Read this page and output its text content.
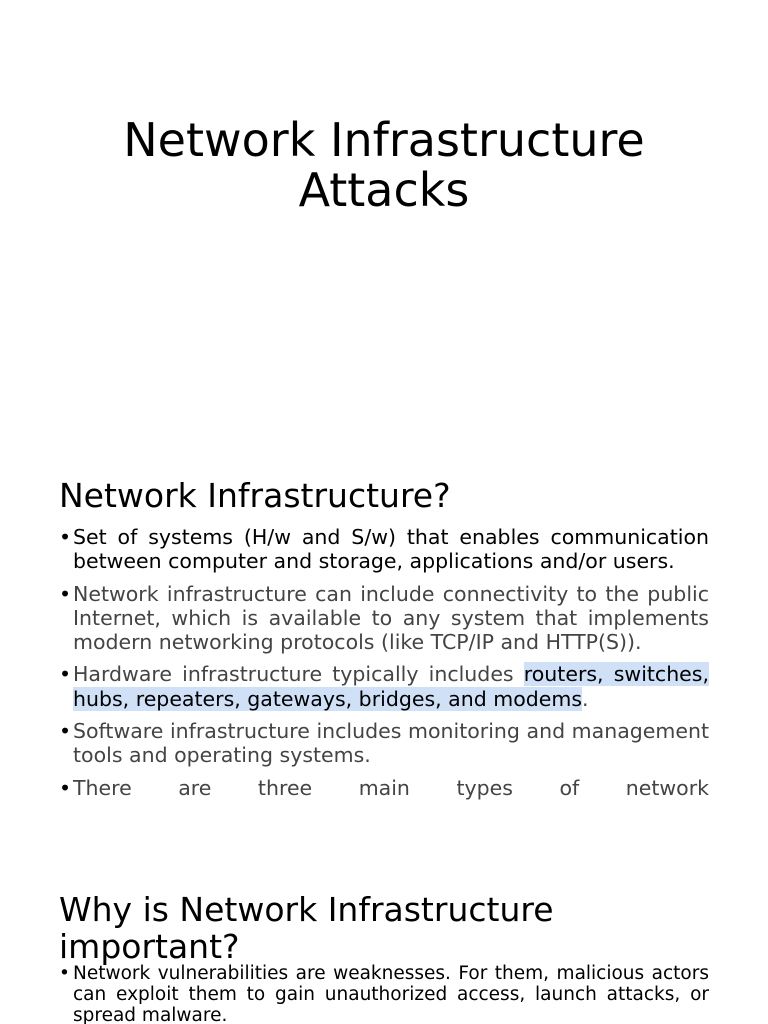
Network Infrastructure
Attacks
Network Infrastructure?
• Set of systems (H/w and S/w) that enables communication between computer and storage, applications and/or users.
• Network infrastructure can include connectivity to the public Internet, which is available to any system that implements modern networking protocols (like TCP/IP and HTTP(S)).
• Hardware infrastructure typically includes routers, switches, hubs, repeaters, gateways, bridges, and modems.
• Software infrastructure includes monitoring and management tools and operating systems.
• There are three main types of network
Why is Network Infrastructure important?
• Network vulnerabilities are weaknesses. For them, malicious actors can exploit them to gain unauthorized access, launch attacks, or spread malware.
